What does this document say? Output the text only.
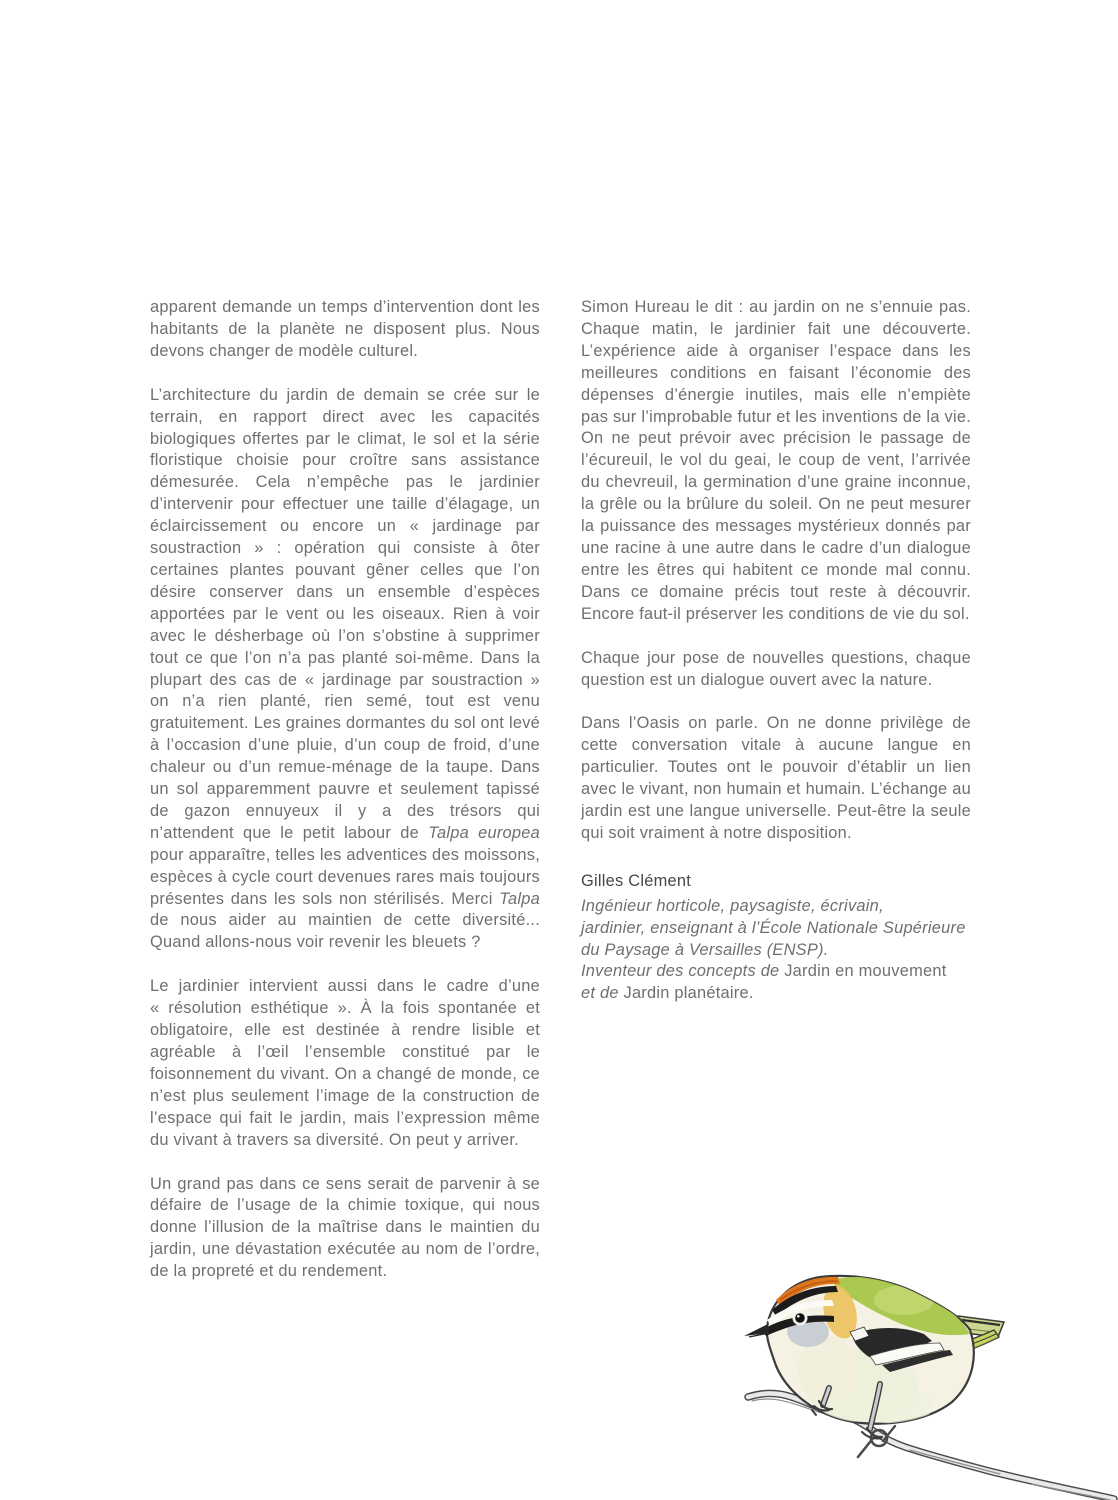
apparent demande un temps d’intervention dont les habitants de la planète ne disposent plus. Nous devons changer de modèle culturel.

L’architecture du jardin de demain se crée sur le terrain, en rapport direct avec les capacités biologiques offertes par le climat, le sol et la série floristique choisie pour croître sans assistance démesurée. Cela n’empêche pas le jardinier d’intervenir pour effectuer une taille d’élagage, un éclaircissement ou encore un « jardinage par soustraction » : opération qui consiste à ôter certaines plantes pouvant gêner celles que l’on désire conserver dans un ensemble d’espèces apportées par le vent ou les oiseaux. Rien à voir avec le désherbage où l’on s’obstine à supprimer tout ce que l’on n’a pas planté soi-même. Dans la plupart des cas de « jardinage par soustraction » on n’a rien planté, rien semé, tout est venu gratuitement. Les graines dormantes du sol ont levé à l’occasion d’une pluie, d’un coup de froid, d’une chaleur ou d’un remue-ménage de la taupe. Dans un sol apparemment pauvre et seulement tapissé de gazon ennuyeux il y a des trésors qui n’attendent que le petit labour de Talpa europea pour apparaître, telles les adventices des moissons, espèces à cycle court devenues rares mais toujours présentes dans les sols non stérilisés. Merci Talpa de nous aider au maintien de cette diversité... Quand allons-nous voir revenir les bleuets ?

Le jardinier intervient aussi dans le cadre d’une « résolution esthétique ». À la fois spontanée et obligatoire, elle est destinée à rendre lisible et agréable à l’œil l’ensemble constitué par le foisonnement du vivant. On a changé de monde, ce n’est plus seulement l’image de la construction de l’espace qui fait le jardin, mais l’expression même du vivant à travers sa diversité. On peut y arriver.

Un grand pas dans ce sens serait de parvenir à se défaire de l’usage de la chimie toxique, qui nous donne l’illusion de la maîtrise dans le maintien du jardin, une dévastation exécutée au nom de l’ordre, de la propreté et du rendement.

Simon Hureau le dit : au jardin on ne s’ennuie pas. Chaque matin, le jardinier fait une découverte. L’expérience aide à organiser l’espace dans les meilleures conditions en faisant l’économie des dépenses d’énergie inutiles, mais elle n’empiète pas sur l’improbable futur et les inventions de la vie. On ne peut prévoir avec précision le passage de l’écureuil, le vol du geai, le coup de vent, l’arrivée du chevreuil, la germination d’une graine inconnue, la grêle ou la brûlure du soleil. On ne peut mesurer la puissance des messages mystérieux donnés par une racine à une autre dans le cadre d’un dialogue entre les êtres qui habitent ce monde mal connu. Dans ce domaine précis tout reste à découvrir. Encore faut-il préserver les conditions de vie du sol.

Chaque jour pose de nouvelles questions, chaque question est un dialogue ouvert avec la nature.

Dans l’Oasis on parle. On ne donne privilège de cette conversation vitale à aucune langue en particulier. Toutes ont le pouvoir d’établir un lien avec le vivant, non humain et humain. L’échange au jardin est une langue universelle. Peut-être la seule qui soit vraiment à notre disposition.

Gilles Clément
Ingénieur horticole, paysagiste, écrivain,
jardinier, enseignant à l’École Nationale Supérieure
du Paysage à Versailles (ENSP).
Inventeur des concepts de Jardin en mouvement
et de Jardin planétaire.
